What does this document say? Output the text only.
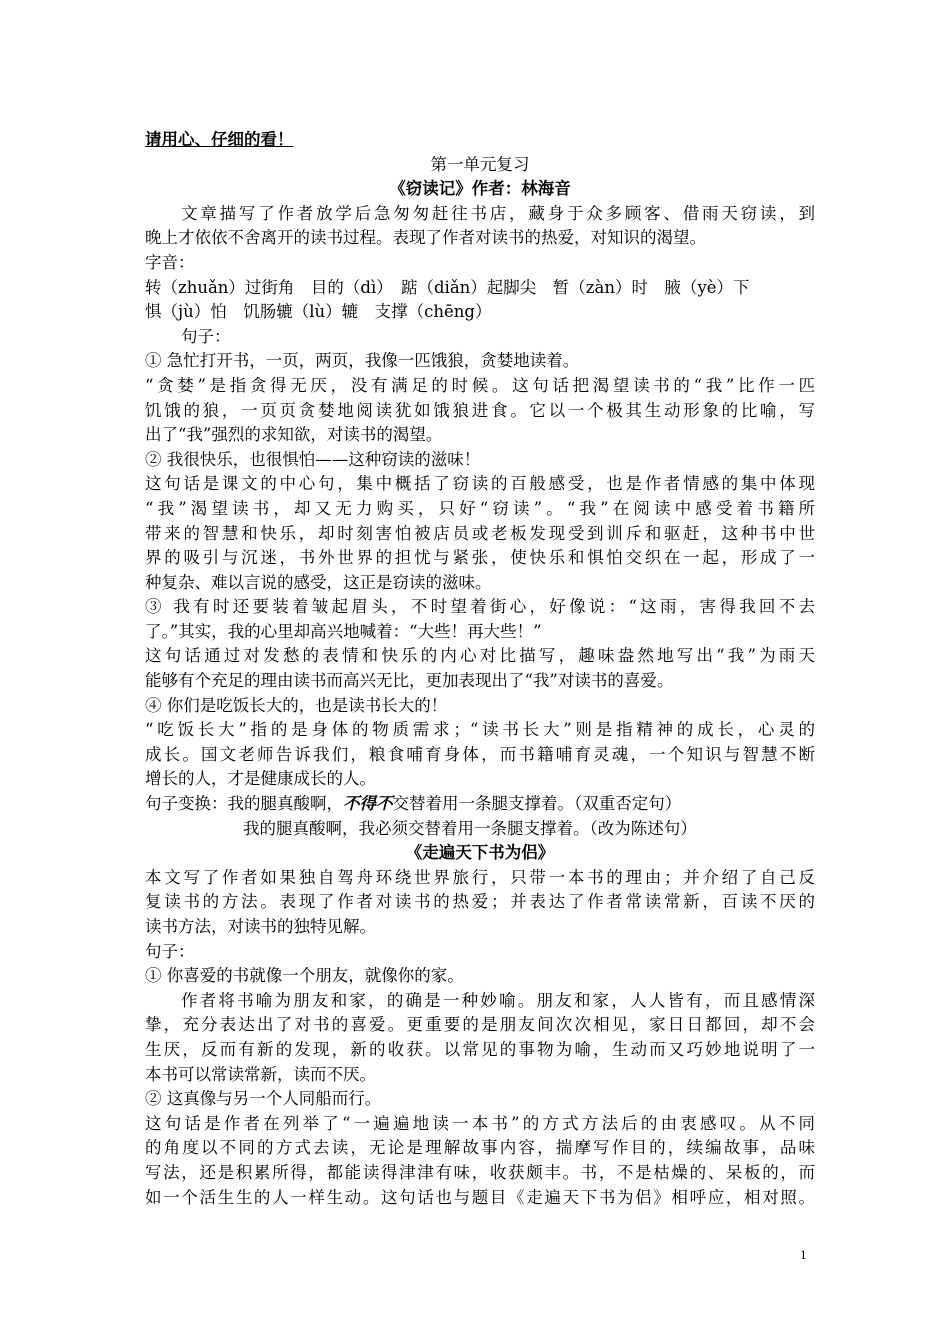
请用心、仔细的看！
第一单元复习
《窃读记》作者：林海音
文章描写了作者放学后急匆匆赶往书店，藏身于众多顾客、借雨天窃读，到
晚上才依依不舍离开的读书过程。表现了作者对读书的热爱，对知识的渴望。
字音：
转（zhuǎn）过街角　目的（dì）　踮（diǎn）起脚尖　暂（zàn）时　腋（yè）下
惧（jù）怕　饥肠辘（lù）辘　支撑（chēng）
句子：
① 急忙打开书，一页，两页，我像一匹饿狼，贪婪地读着。
“贪婪”是指贪得无厌，没有满足的时候。这句话把渴望读书的“我”比作一匹
饥饿的狼，一页页贪婪地阅读犹如饿狼进食。它以一个极其生动形象的比喻，写
出了“我”强烈的求知欲，对读书的渴望。
② 我很快乐，也很惧怕——这种窃读的滋味！
这句话是课文的中心句，集中概括了窃读的百般感受，也是作者情感的集中体现
“我”渴望读书，却又无力购买，只好“窃读”。“我”在阅读中感受着书籍所
带来的智慧和快乐，却时刻害怕被店员或老板发现受到训斥和驱赶，这种书中世
界的吸引与沉迷，书外世界的担忧与紧张，使快乐和惧怕交织在一起，形成了一
种复杂、难以言说的感受，这正是窃读的滋味。
③ 我有时还要装着皱起眉头，不时望着街心，好像说：“这雨，害得我回不去
了。”其实，我的心里却高兴地喊着：“大些！再大些！”
这句话通过对发愁的表情和快乐的内心对比描写，趣味盎然地写出“我”为雨天
能够有个充足的理由读书而高兴无比，更加表现出了“我”对读书的喜爱。
④ 你们是吃饭长大的，也是读书长大的！
“吃饭长大”指的是身体的物质需求；“读书长大”则是指精神的成长，心灵的
成长。国文老师告诉我们，粮食哺育身体，而书籍哺育灵魂，一个知识与智慧不断
增长的人，才是健康成长的人。
句子变换：我的腿真酸啊，不得不交替着用一条腿支撑着。（双重否定句）
我的腿真酸啊，我必须交替着用一条腿支撑着。（改为陈述句）
《走遍天下书为侣》
本文写了作者如果独自驾舟环绕世界旅行，只带一本书的理由；并介绍了自己反
复读书的方法。表现了作者对读书的热爱；并表达了作者常读常新，百读不厌的
读书方法，对读书的独特见解。
句子：
① 你喜爱的书就像一个朋友，就像你的家。
作者将书喻为朋友和家，的确是一种妙喻。朋友和家，人人皆有，而且感情深
挚，充分表达出了对书的喜爱。更重要的是朋友间次次相见，家日日都回，却不会
生厌，反而有新的发现，新的收获。以常见的事物为喻，生动而又巧妙地说明了一
本书可以常读常新，读而不厌。
② 这真像与另一个人同船而行。
这句话是作者在列举了“一遍遍地读一本书”的方式方法后的由衷感叹。从不同
的角度以不同的方式去读，无论是理解故事内容，揣摩写作目的，续编故事，品味
写法，还是积累所得，都能读得津津有味，收获颇丰。书，不是枯燥的、呆板的，而
如一个活生生的人一样生动。这句话也与题目《走遍天下书为侣》相呼应，相对照。
1
